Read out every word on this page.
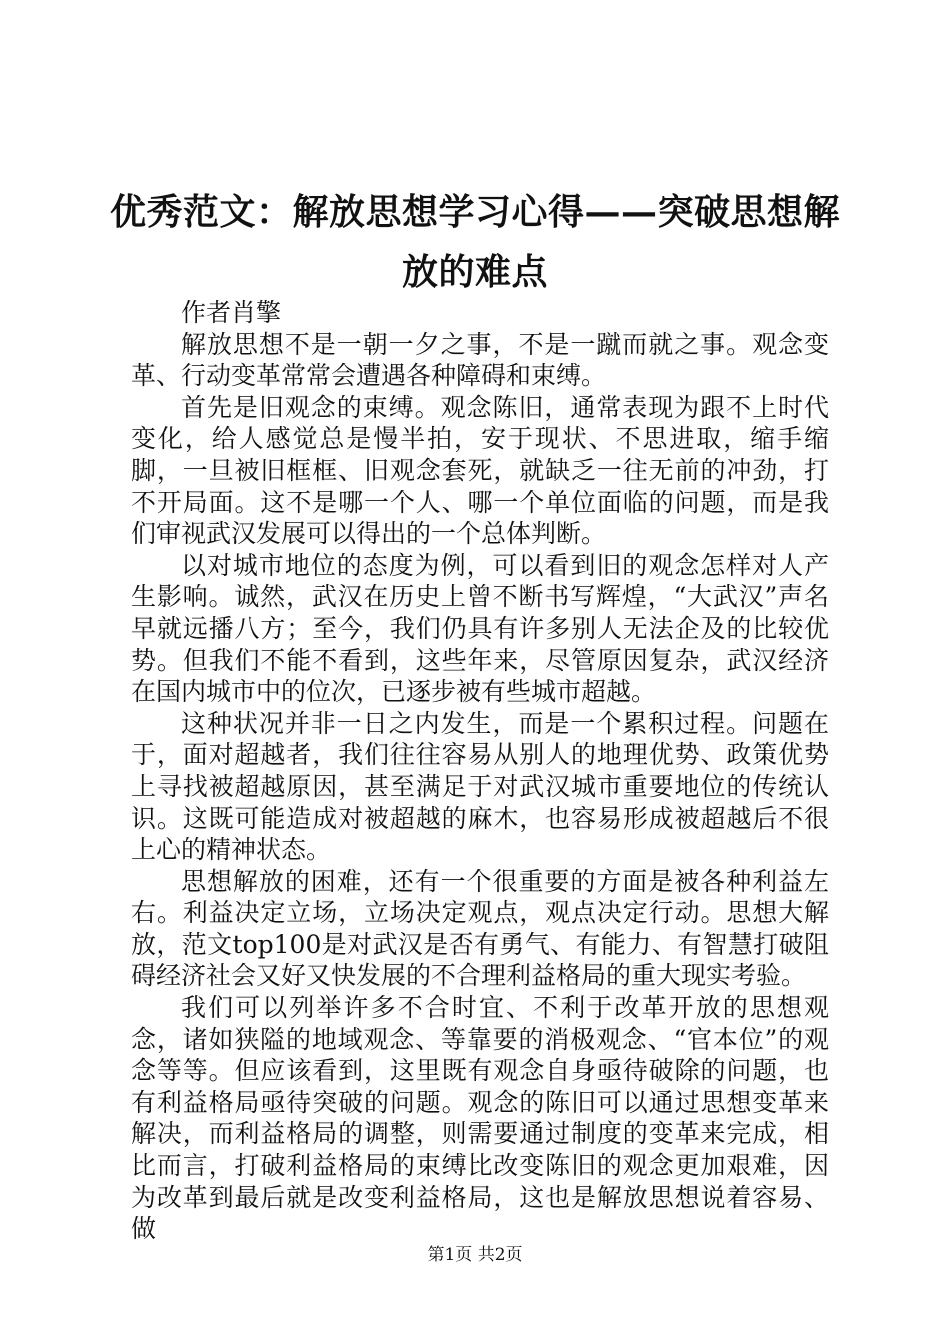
优秀范文：解放思想学习心得——突破思想解放的难点

作者肖擎

解放思想不是一朝一夕之事，不是一蹴而就之事。观念变革、行动变革常常会遭遇各种障碍和束缚。

首先是旧观念的束缚。观念陈旧，通常表现为跟不上时代变化，给人感觉总是慢半拍，安于现状、不思进取，缩手缩脚，一旦被旧框框、旧观念套死，就缺乏一往无前的冲劲，打不开局面。这不是哪一个人、哪一个单位面临的问题，而是我们审视武汉发展可以得出的一个总体判断。

以对城市地位的态度为例，可以看到旧的观念怎样对人产生影响。诚然，武汉在历史上曾不断书写辉煌，“大武汉”声名早就远播八方；至今，我们仍具有许多别人无法企及的比较优势。但我们不能不看到，这些年来，尽管原因复杂，武汉经济在国内城市中的位次，已逐步被有些城市超越。

这种状况并非一日之内发生，而是一个累积过程。问题在于，面对超越者，我们往往容易从别人的地理优势、政策优势上寻找被超越原因，甚至满足于对武汉城市重要地位的传统认识。这既可能造成对被超越的麻木，也容易形成被超越后不很上心的精神状态。

思想解放的困难，还有一个很重要的方面是被各种利益左右。利益决定立场，立场决定观点，观点决定行动。思想大解放，范文top100是对武汉是否有勇气、有能力、有智慧打破阻碍经济社会又好又快发展的不合理利益格局的重大现实考验。

我们可以列举许多不合时宜、不利于改革开放的思想观念，诸如狭隘的地域观念、等靠要的消极观念、“官本位”的观念等等。但应该看到，这里既有观念自身亟待破除的问题，也有利益格局亟待突破的问题。观念的陈旧可以通过思想变革来解决，而利益格局的调整，则需要通过制度的变革来完成，相比而言，打破利益格局的束缚比改变陈旧的观念更加艰难，因为改革到最后就是改变利益格局，这也是解放思想说着容易、做

第1页 共2页
